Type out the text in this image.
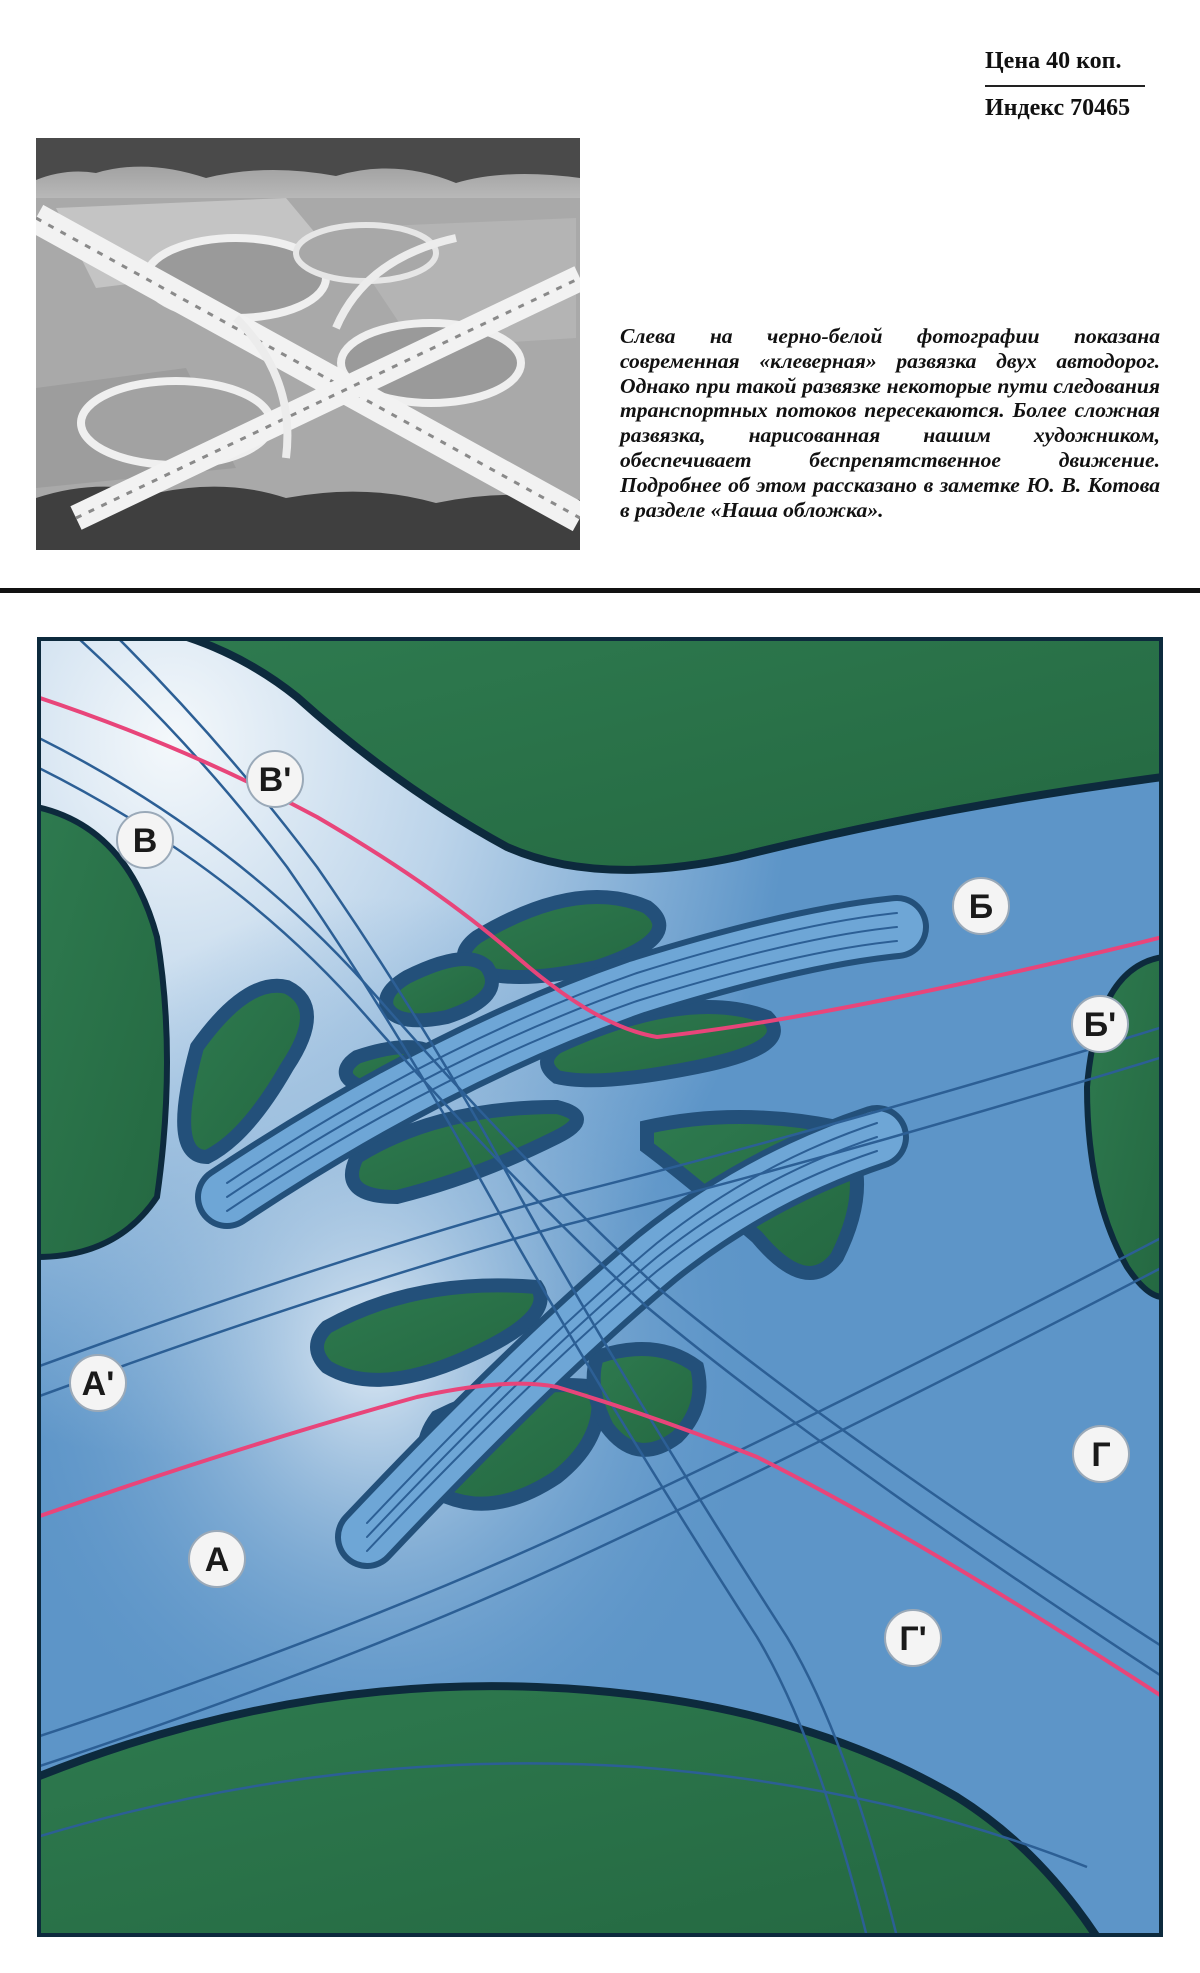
Цена 40 коп.
Индекс 70465
Слева на черно-белой фотографии показана современная «клеверная» развязка двух автодорог. Однако при такой развязке некоторые пути следования транспортных потоков пересекаются. Более сложная развязка, нарисованная нашим художником, обеспечивает беспрепятственное движение. Подробнее об этом рассказано в заметке Ю. В. Котова в разделе «Наша обложка».
В'
В
Б
Б'
А'
Г
А
Г'
